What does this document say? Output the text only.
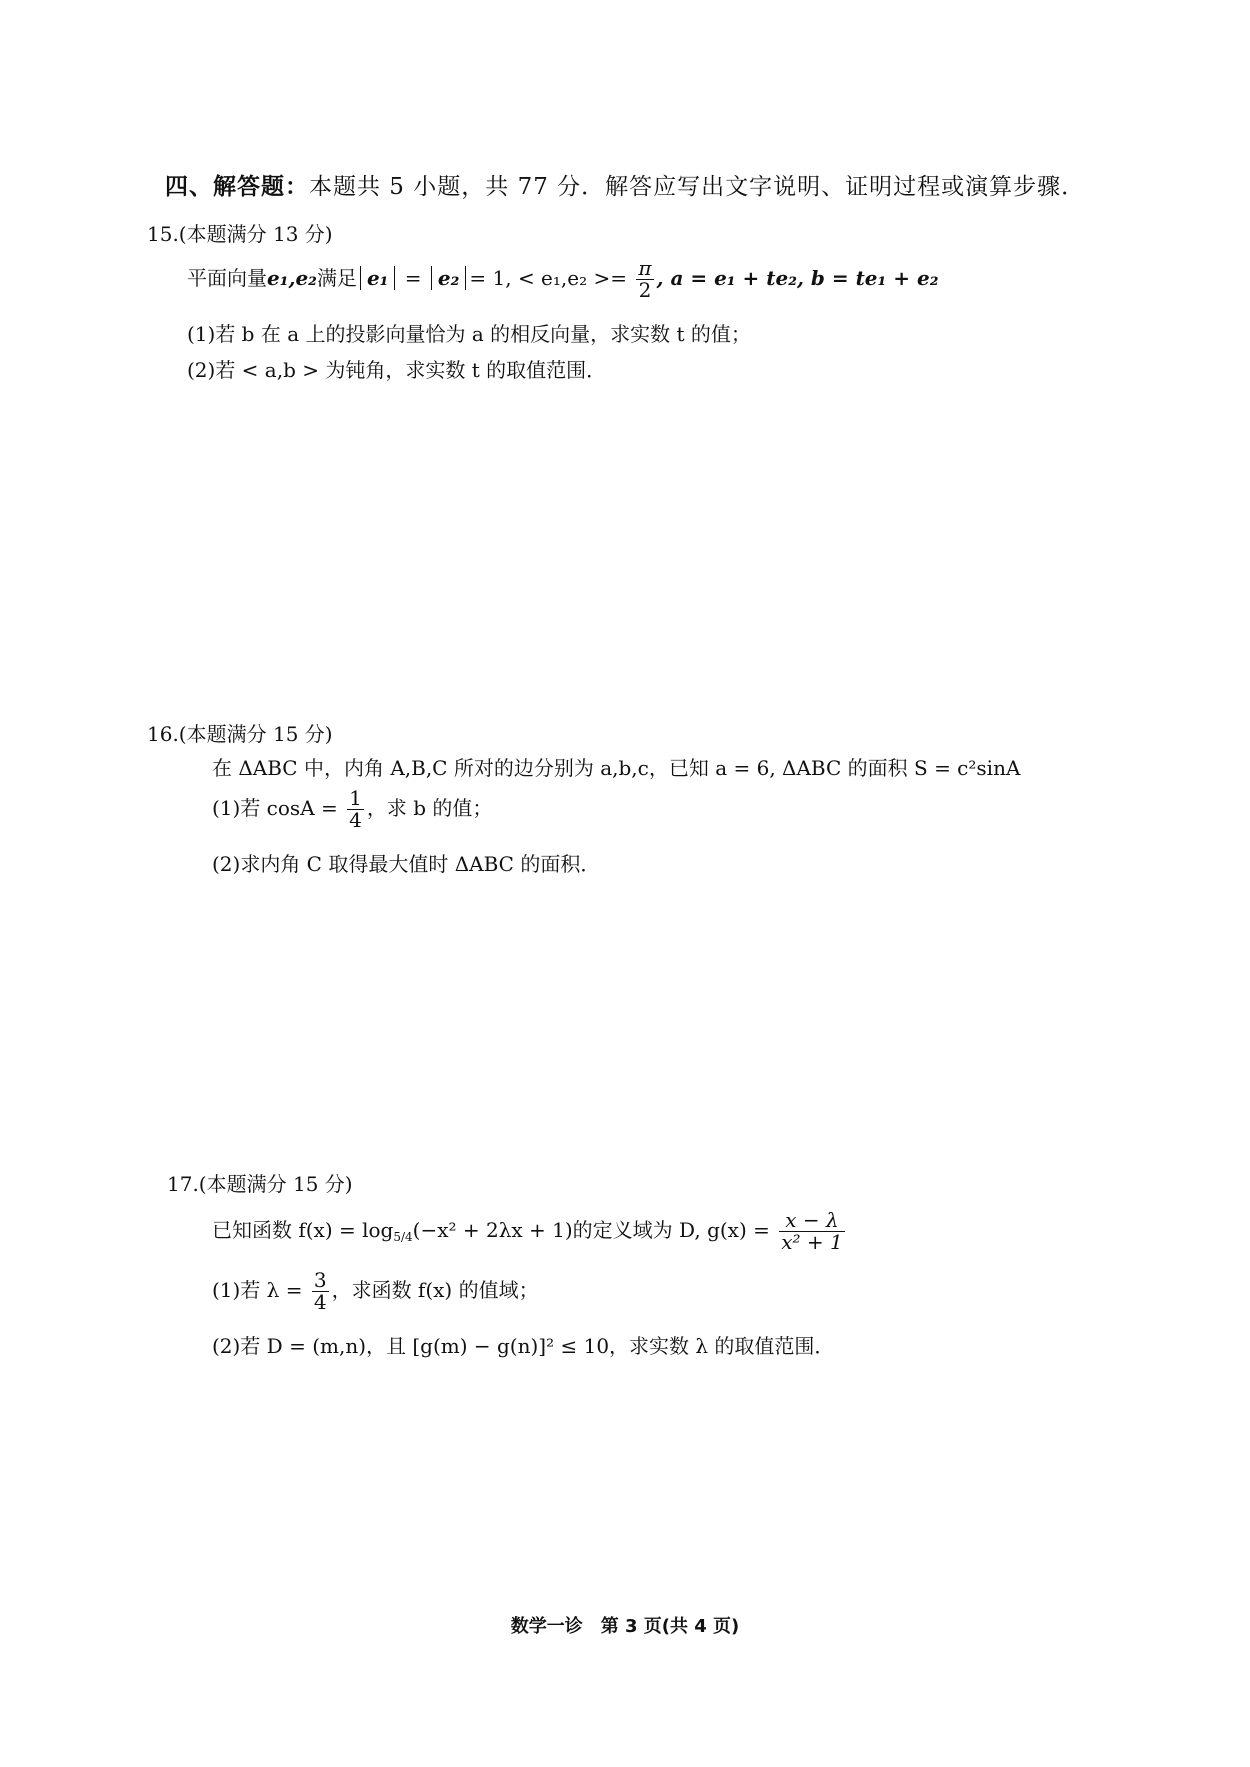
四、解答题：本题共 5 小题，共 77 分．解答应写出文字说明、证明过程或演算步骤．
15.(本题满分 13 分)
平面向量e₁,e₂满足 e₁ = e₂ = 1, < $e_1,e_2 >= \frac{\pi}{2}$ , a = e₁ + te₂, b = te₁ + e₂
(1)若 b 在 a 上的投影向量恰为 a 的相反向量，求实数 t 的值；
(2)若 < a,b > 为钝角，求实数 t 的取值范围．
16.(本题满分 15 分)
在 ΔABC 中，内角 A,B,C 所对的边分别为 a,b,c，已知 a = 6, ΔABC 的面积 S = c²sinA
(1)若 $\cos A = \frac{1}{4}$ ，求 b 的值；
(2)求内角 C 取得最大值时 ΔABC 的面积．
17.(本题满分 15 分)
已知函数 $f(x) = \log_{5/4}(-x^2 + 2\lambda x + 1)$的定义域为 D, $g(x) = \frac{x - \lambda}{\text{x² + 1}}$
(1)若 $\lambda = \frac{3}{4}$ ，求函数 f(x) 的值域；
(2)若 D = (m,n)，且 [g(m) − g(n)]² ≤ 10，求实数 λ 的取值范围．
数学一诊　第 3 页(共 4 页)
